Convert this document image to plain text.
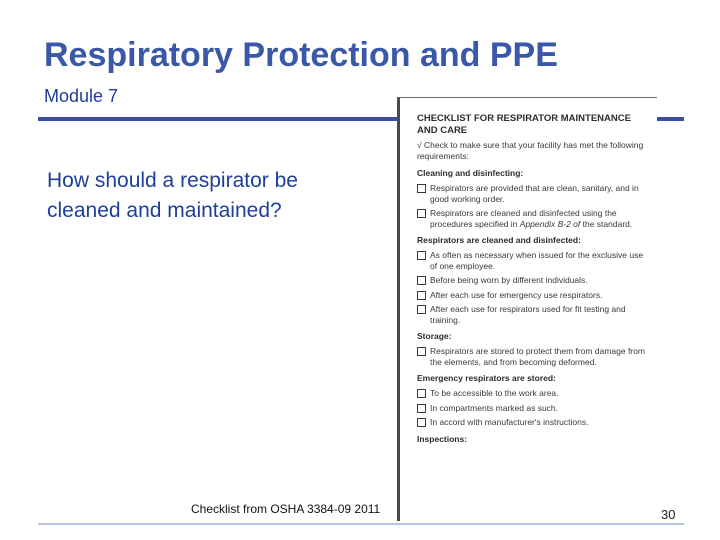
Respiratory Protection and PPE
Module 7
How should a respirator be cleaned and maintained?
CHECKLIST FOR RESPIRATOR MAINTENANCE AND CARE
√ Check to make sure that your facility has met the following requirements:
Cleaning and disinfecting:
Respirators are provided that are clean, sanitary, and in good working order.
Respirators are cleaned and disinfected using the procedures specified in Appendix B-2 of the standard.
Respirators are cleaned and disinfected:
As often as necessary when issued for the exclusive use of one employee.
Before being worn by different individuals.
After each use for emergency use respirators.
After each use for respirators used for fit testing and training.
Storage:
Respirators are stored to protect them from damage from the elements, and from becoming deformed.
Emergency respirators are stored:
To be accessible to the work area.
In compartments marked as such.
In accord with manufacturer's instructions.
Inspections:
Checklist from OSHA 3384-09 2011	30
